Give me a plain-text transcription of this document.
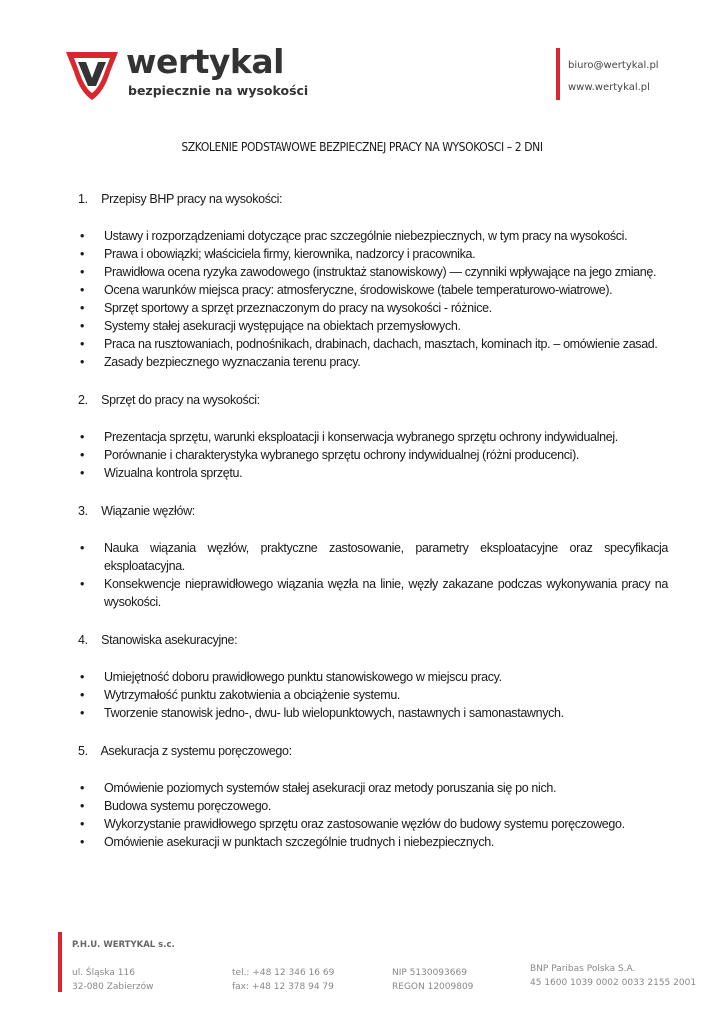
wertykal
bezpiecznie na wysokości
biuro@wertykal.pl
www.wertykal.pl
SZKOLENIE PODSTAWOWE BEZPIECZNEJ PRACY NA WYSOKOSCI – 2 DNI
1. Przepisy BHP pracy na wysokości:
• Ustawy i rozporządzeniami dotyczące prac szczególnie niebezpiecznych, w tym pracy na wysokości.
• Prawa i obowiązki; właściciela firmy, kierownika, nadzorcy i pracownika.
• Prawidłowa ocena ryzyka zawodowego (instruktaż stanowiskowy) — czynniki wpływające na jego zmianę.
• Ocena warunków miejsca pracy: atmosferyczne, środowiskowe (tabele temperaturowo-wiatrowe).
• Sprzęt sportowy a sprzęt przeznaczonym do pracy na wysokości - różnice.
• Systemy stałej asekuracji występujące na obiektach przemysłowych.
• Praca na rusztowaniach, podnośnikach, drabinach, dachach, masztach, kominach itp. – omówienie zasad.
• Zasady bezpiecznego wyznaczania terenu pracy.
2. Sprzęt do pracy na wysokości:
• Prezentacja sprzętu, warunki eksploatacji i konserwacja wybranego sprzętu ochrony indywidualnej.
• Porównanie i charakterystyka wybranego sprzętu ochrony indywidualnej (różni producenci).
• Wizualna kontrola sprzętu.
3. Wiązanie węzłów:
• Nauka wiązania węzłów, praktyczne zastosowanie, parametry eksploatacyjne oraz specyfikacja eksploatacyjna.
• Konsekwencje nieprawidłowego wiązania węzła na linie, węzły zakazane podczas wykonywania pracy na wysokości.
4. Stanowiska asekuracyjne:
• Umiejętność doboru prawidłowego punktu stanowiskowego w miejscu pracy.
• Wytrzymałość punktu zakotwienia a obciążenie systemu.
• Tworzenie stanowisk jedno-, dwu- lub wielopunktowych, nastawnych i samonastawnych.
5. Asekuracja z systemu poręczowego:
• Omówienie poziomych systemów stałej asekuracji oraz metody poruszania się po nich.
• Budowa systemu poręczowego.
• Wykorzystanie prawidłowego sprzętu oraz zastosowanie węzłów do budowy systemu poręczowego.
• Omówienie asekuracji w punktach szczególnie trudnych i niebezpiecznych.
P.H.U. WERTYKAL s.c.
ul. Śląska 116
32-080 Zabierzów
tel.: +48 12 346 16 69
fax: +48 12 378 94 79
NIP 5130093669
REGON 12009809
BNP Paribas Polska S.A.
45 1600 1039 0002 0033 2155 2001
